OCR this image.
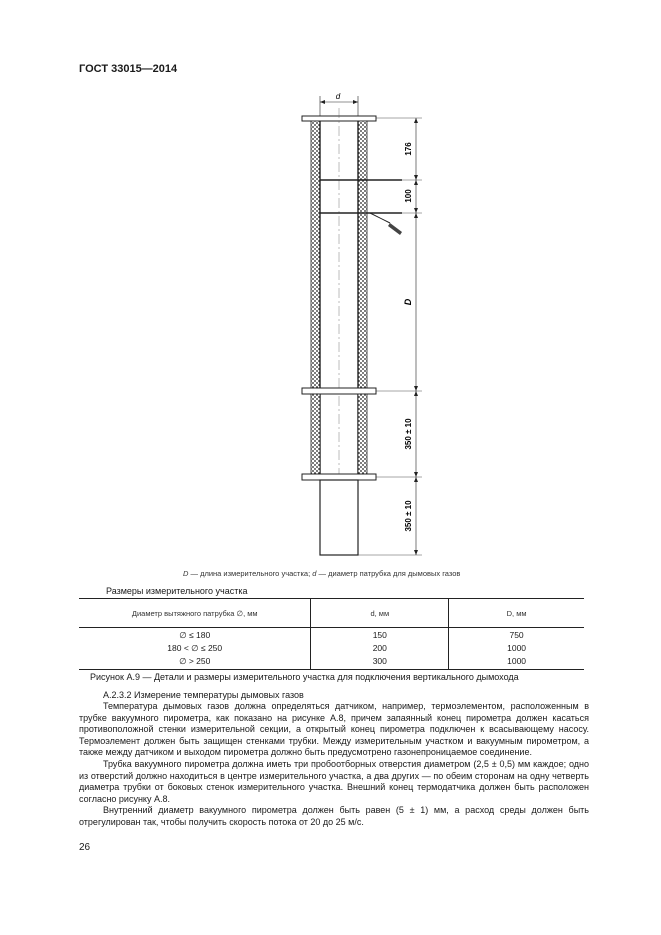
ГОСТ 33015—2014
d
176
100
D
350 ± 10
350 ± 10
D — длина измерительного участка; d — диаметр патрубка для дымовых газов
Размеры измерительного участка
Диаметр вытяжного патрубка ∅, мм	d, мм	D, мм
∅ ≤ 180	150	750
180 < ∅ ≤ 250	200	1000
∅ > 250	300	1000
Рисунок А.9 — Детали и размеры измерительного участка для подключения вертикального дымохода
А.2.3.2 Измерение температуры дымовых газов

Температура дымовых газов должна определяться датчиком, например, термоэлементом, расположенным в трубке вакуумного пирометра, как показано на рисунке А.8, причем запаянный конец пирометра должен касаться противоположной стенки измерительной секции, а открытый конец пирометра подключен к всасывающему насосу. Термоэлемент должен быть защищен стенками трубки. Между измерительным участком и вакуумным пирометром, а также между датчиком и выходом пирометра должно быть предусмотрено газонепроницаемое соединение.

Трубка вакуумного пирометра должна иметь три пробоотборных отверстия диаметром (2,5 ± 0,5) мм каждое; одно из отверстий должно находиться в центре измерительного участка, а два других — по обеим сторонам на одну четверть диаметра трубки от боковых стенок измерительного участка. Внешний конец термодатчика должен быть расположен согласно рисунку А.8.

Внутренний диаметр вакуумного пирометра должен быть равен (5 ± 1) мм, а расход среды должен быть отрегулирован так, чтобы получить скорость потока от 20 до 25 м/с.

26
